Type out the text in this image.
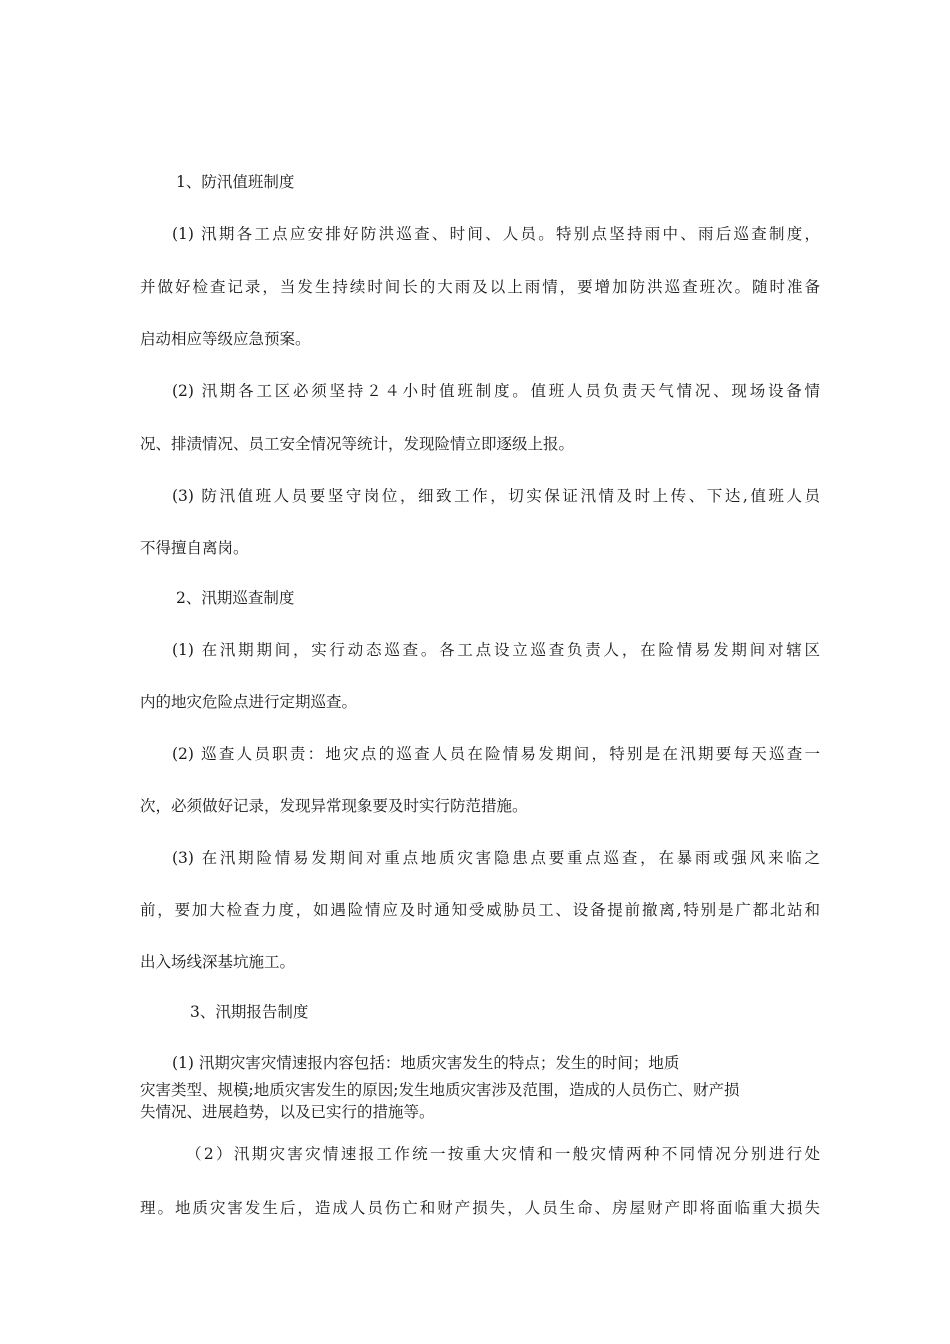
1、防汛值班制度
(1) 汛期各工点应安排好防洪巡查、时间、人员。特别点坚持雨中、雨后巡查制度，
并做好检查记录，当发生持续时间长的大雨及以上雨情，要增加防洪巡查班次。随时准备
启动相应等级应急预案。
(2) 汛期各工区必须坚持２４小时值班制度。值班人员负责天气情况、现场设备情
况、排渍情况、员工安全情况等统计，发现险情立即逐级上报。
(3) 防汛值班人员要坚守岗位，细致工作，切实保证汛情及时上传、下达,值班人员
不得擅自离岗。
2、汛期巡查制度
(1) 在汛期期间，实行动态巡查。各工点设立巡查负责人，在险情易发期间对辖区
内的地灾危险点进行定期巡查。
(2) 巡查人员职责：地灾点的巡查人员在险情易发期间，特别是在汛期要每天巡查一
次，必须做好记录，发现异常现象要及时实行防范措施。
(3) 在汛期险情易发期间对重点地质灾害隐患点要重点巡查，在暴雨或强风来临之
前，要加大检查力度，如遇险情应及时通知受威胁员工、设备提前撤离,特别是广都北站和
出入场线深基坑施工。
3、汛期报告制度
(1) 汛期灾害灾情速报内容包括：地质灾害发生的特点；发生的时间；地质
灾害类型、规模;地质灾害发生的原因;发生地质灾害涉及范围，造成的人员伤亡、财产损
失情况、进展趋势，以及已实行的措施等。
（2）汛期灾害灾情速报工作统一按重大灾情和一般灾情两种不同情况分别进行处
理。地质灾害发生后，造成人员伤亡和财产损失，人员生命、房屋财产即将面临重大损失
